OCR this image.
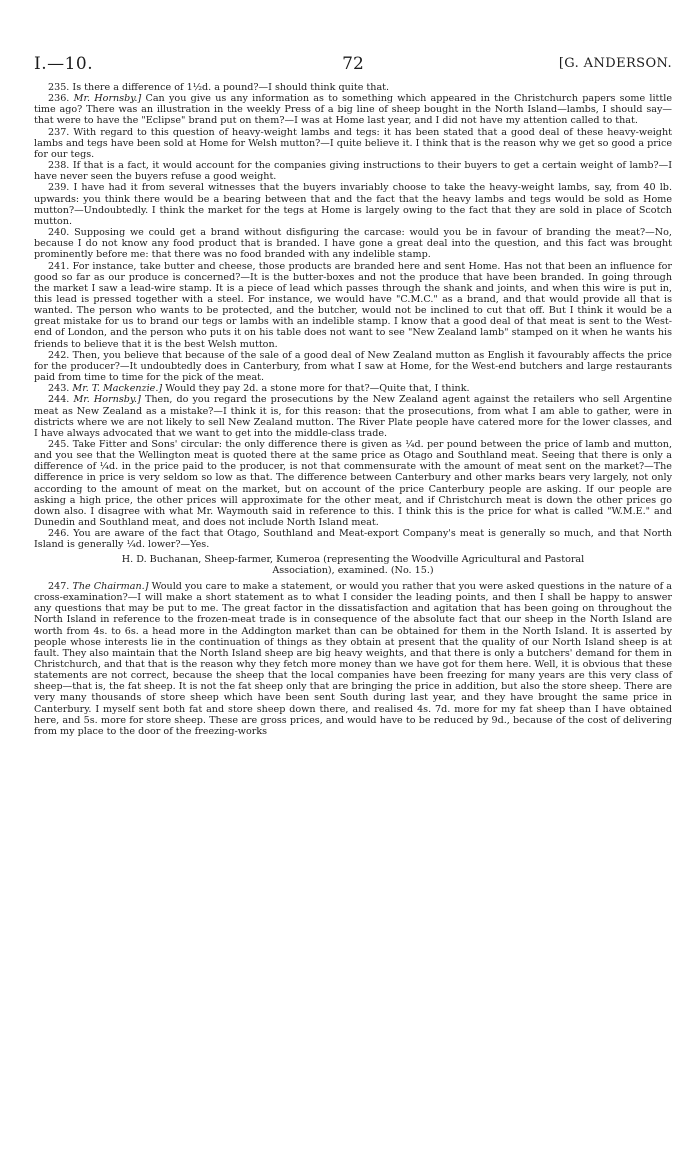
I.—10.	72	[G. ANDERSON.

235. Is there a difference of 1½d. a pound?—I should think quite that.

236. Mr. Hornsby.] Can you give us any information as to something which appeared in the Christchurch papers some little time ago? There was an illustration in the weekly Press of a big line of sheep bought in the North Island—lambs, I should say—that were to have the "Eclipse" brand put on them?—I was at Home last year, and I did not have my attention called to that.

237. With regard to this question of heavy-weight lambs and tegs: it has been stated that a good deal of these heavy-weight lambs and tegs have been sold at Home for Welsh mutton?—I quite believe it. I think that is the reason why we get so good a price for our tegs.

238. If that is a fact, it would account for the companies giving instructions to their buyers to get a certain weight of lamb?—I have never seen the buyers refuse a good weight.

239. I have had it from several witnesses that the buyers invariably choose to take the heavy-weight lambs, say, from 40 lb. upwards: you think there would be a bearing between that and the fact that the heavy lambs and tegs would be sold as Home mutton?—Undoubtedly. I think the market for the tegs at Home is largely owing to the fact that they are sold in place of Scotch mutton.

240. Supposing we could get a brand without disfiguring the carcase: would you be in favour of branding the meat?—No, because I do not know any food product that is branded. I have gone a great deal into the question, and this fact was brought prominently before me: that there was no food branded with any indelible stamp.

241. For instance, take butter and cheese, those products are branded here and sent Home. Has not that been an influence for good so far as our produce is concerned?—It is the butter-boxes and not the produce that have been branded. In going through the market I saw a lead-wire stamp. It is a piece of lead which passes through the shank and joints, and when this wire is put in, this lead is pressed together with a steel. For instance, we would have "C.M.C." as a brand, and that would provide all that is wanted. The person who wants to be protected, and the butcher, would not be inclined to cut that off. But I think it would be a great mistake for us to brand our tegs or lambs with an indelible stamp. I know that a good deal of that meat is sent to the West-end of London, and the person who puts it on his table does not want to see "New Zealand lamb" stamped on it when he wants his friends to believe that it is the best Welsh mutton.

242. Then, you believe that because of the sale of a good deal of New Zealand mutton as English it favourably affects the price for the producer?—It undoubtedly does in Canterbury, from what I saw at Home, for the West-end butchers and large restaurants paid from time to time for the pick of the meat.

243. Mr. T. Mackenzie.] Would they pay 2d. a stone more for that?—Quite that, I think.

244. Mr. Hornsby.] Then, do you regard the prosecutions by the New Zealand agent against the retailers who sell Argentine meat as New Zealand as a mistake?—I think it is, for this reason: that the prosecutions, from what I am able to gather, were in districts where we are not likely to sell New Zealand mutton. The River Plate people have catered more for the lower classes, and I have always advocated that we want to get into the middle-class trade.

245. Take Fitter and Sons' circular: the only difference there is given as ¼d. per pound between the price of lamb and mutton, and you see that the Wellington meat is quoted there at the same price as Otago and Southland meat. Seeing that there is only a difference of ¼d. in the price paid to the producer, is not that commensurate with the amount of meat sent on the market?—The difference in price is very seldom so low as that. The difference between Canterbury and other marks bears very largely, not only according to the amount of meat on the market, but on account of the price Canterbury people are asking. If our people are asking a high price, the other prices will approximate for the other meat, and if Christchurch meat is down the other prices go down also. I disagree with what Mr. Waymouth said in reference to this. I think this is the price for what is called "W.M.E." and Dunedin and Southland meat, and does not include North Island meat.

246. You are aware of the fact that Otago, Southland and Meat-export Company's meat is generally so much, and that North Island is generally ¼d. lower?—Yes.

H. D. Buchanan, Sheep-farmer, Kumeroa (representing the Woodville Agricultural and Pastoral
Association), examined. (No. 15.)

247. The Chairman.] Would you care to make a statement, or would you rather that you were asked questions in the nature of a cross-examination?—I will make a short statement as to what I consider the leading points, and then I shall be happy to answer any questions that may be put to me. The great factor in the dissatisfaction and agitation that has been going on throughout the North Island in reference to the frozen-meat trade is in consequence of the absolute fact that our sheep in the North Island are worth from 4s. to 6s. a head more in the Addington market than can be obtained for them in the North Island. It is asserted by people whose interests lie in the continuation of things as they obtain at present that the quality of our North Island sheep is at fault. They also maintain that the North Island sheep are big heavy weights, and that there is only a butchers' demand for them in Christchurch, and that that is the reason why they fetch more money than we have got for them here. Well, it is obvious that these statements are not correct, because the sheep that the local companies have been freezing for many years are this very class of sheep—that is, the fat sheep. It is not the fat sheep only that are bringing the price in addition, but also the store sheep. There are very many thousands of store sheep which have been sent South during last year, and they have brought the same price in Canterbury. I myself sent both fat and store sheep down there, and realised 4s. 7d. more for my fat sheep than I have obtained here, and 5s. more for store sheep. These are gross prices, and would have to be reduced by 9d., because of the cost of delivering from my place to the door of the freezing-works
